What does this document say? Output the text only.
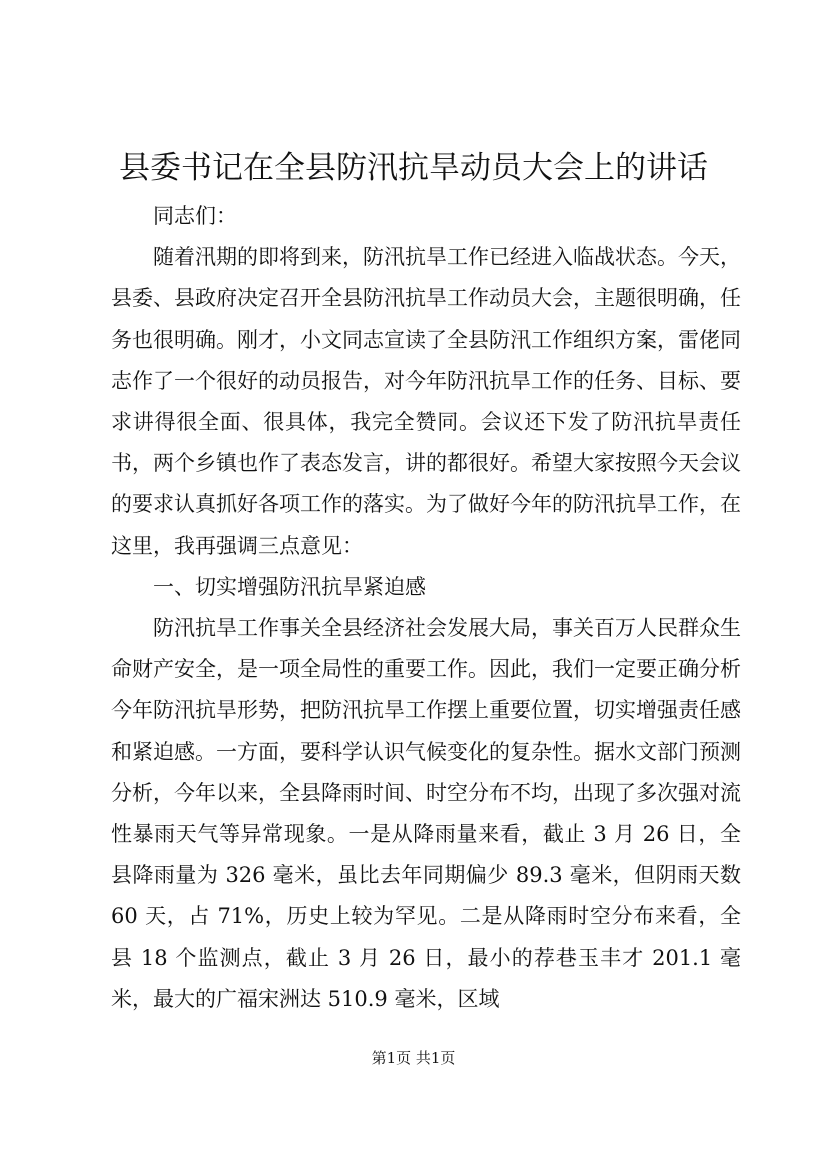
县委书记在全县防汛抗旱动员大会上的讲话

同志们：

随着汛期的即将到来，防汛抗旱工作已经进入临战状态。今天，县委、县政府决定召开全县防汛抗旱工作动员大会，主题很明确，任务也很明确。刚才，小文同志宣读了全县防汛工作组织方案，雷佬同志作了一个很好的动员报告，对今年防汛抗旱工作的任务、目标、要求讲得很全面、很具体，我完全赞同。会议还下发了防汛抗旱责任书，两个乡镇也作了表态发言，讲的都很好。希望大家按照今天会议的要求认真抓好各项工作的落实。为了做好今年的防汛抗旱工作，在这里，我再强调三点意见：

一、切实增强防汛抗旱紧迫感

防汛抗旱工作事关全县经济社会发展大局，事关百万人民群众生命财产安全，是一项全局性的重要工作。因此，我们一定要正确分析今年防汛抗旱形势，把防汛抗旱工作摆上重要位置，切实增强责任感和紧迫感。一方面，要科学认识气候变化的复杂性。据水文部门预测分析，今年以来，全县降雨时间、时空分布不均，出现了多次强对流性暴雨天气等异常现象。一是从降雨量来看，截止 3 月 26 日，全县降雨量为 326 毫米，虽比去年同期偏少 89.3 毫米，但阴雨天数 60 天，占 71%，历史上较为罕见。二是从降雨时空分布来看，全县 18 个监测点，截止 3 月 26 日，最小的荐巷玉丰才 201.1 毫米，最大的广福宋洲达 510.9 毫米，区域

第1页 共1页
